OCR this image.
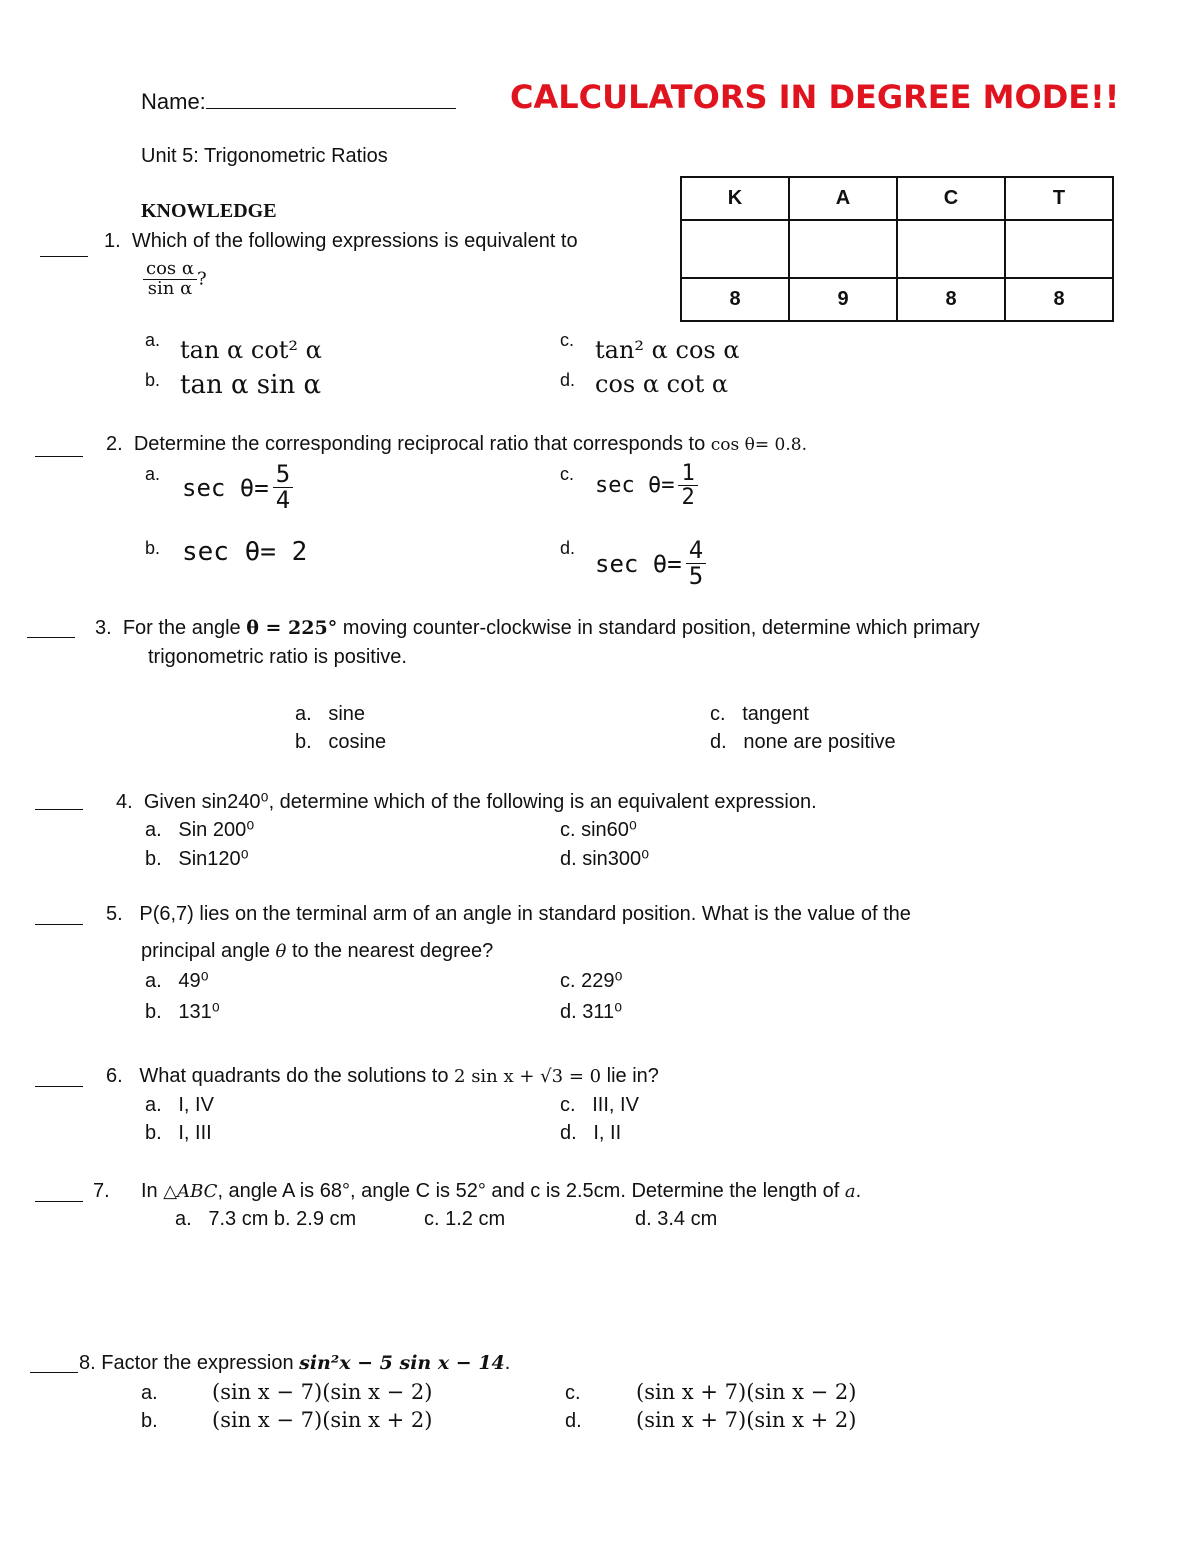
Name:	CALCULATORS IN DEGREE MODE!!
Unit 5: Trigonometric Ratios
KNOWLEDGE
K	A	C	T

8	9	8	8
1. Which of the following expressions is equivalent to
$\frac{\text{cos α}}{\text{sin α}}$ ?
a. tan α cot² α
b. tan α sin α
c. tan² α cos α
d. cos α cot α
2. Determine the corresponding reciprocal ratio that corresponds to cos θ= 0.8.
a. $\sec \theta= \frac{5}{4}$
b. sec θ= 2
c. $\sec \theta= \frac{1}{2}$
d.
$\sec \theta= \frac{4}{5}$
3. For the angle θ = 225° moving counter-clockwise in standard position, determine which primary
trigonometric ratio is positive.
a. sine
b. cosine
c. tangent
d. none are positive
4. Given sin240⁰, determine which of the following is an equivalent expression.
a. Sin 200⁰
b. Sin120⁰
c. sin60⁰
d. sin300⁰
5. P(6,7) lies on the terminal arm of an angle in standard position. What is the value of the
principal angle θ to the nearest degree?
a. 49⁰
b. 131⁰
c. 229⁰
d. 311⁰
6. What quadrants do the solutions to 2 sin x + √3 = 0 lie in?
a. I, IV
b. I, III
c. III, IV
d. I, II
7. In △ABC, angle A is 68°, angle C is 52° and c is 2.5cm. Determine the length of a.
a. 7.3 cm b. 2.9 cm	c. 1.2 cm	d. 3.4 cm
8. Factor the expression sin²x − 5 sin x − 14.
a.	(sin x − 7)(sin x − 2)
b.	(sin x − 7)(sin x + 2)
c.	(sin x + 7)(sin x − 2)
d.	(sin x + 7)(sin x + 2)
